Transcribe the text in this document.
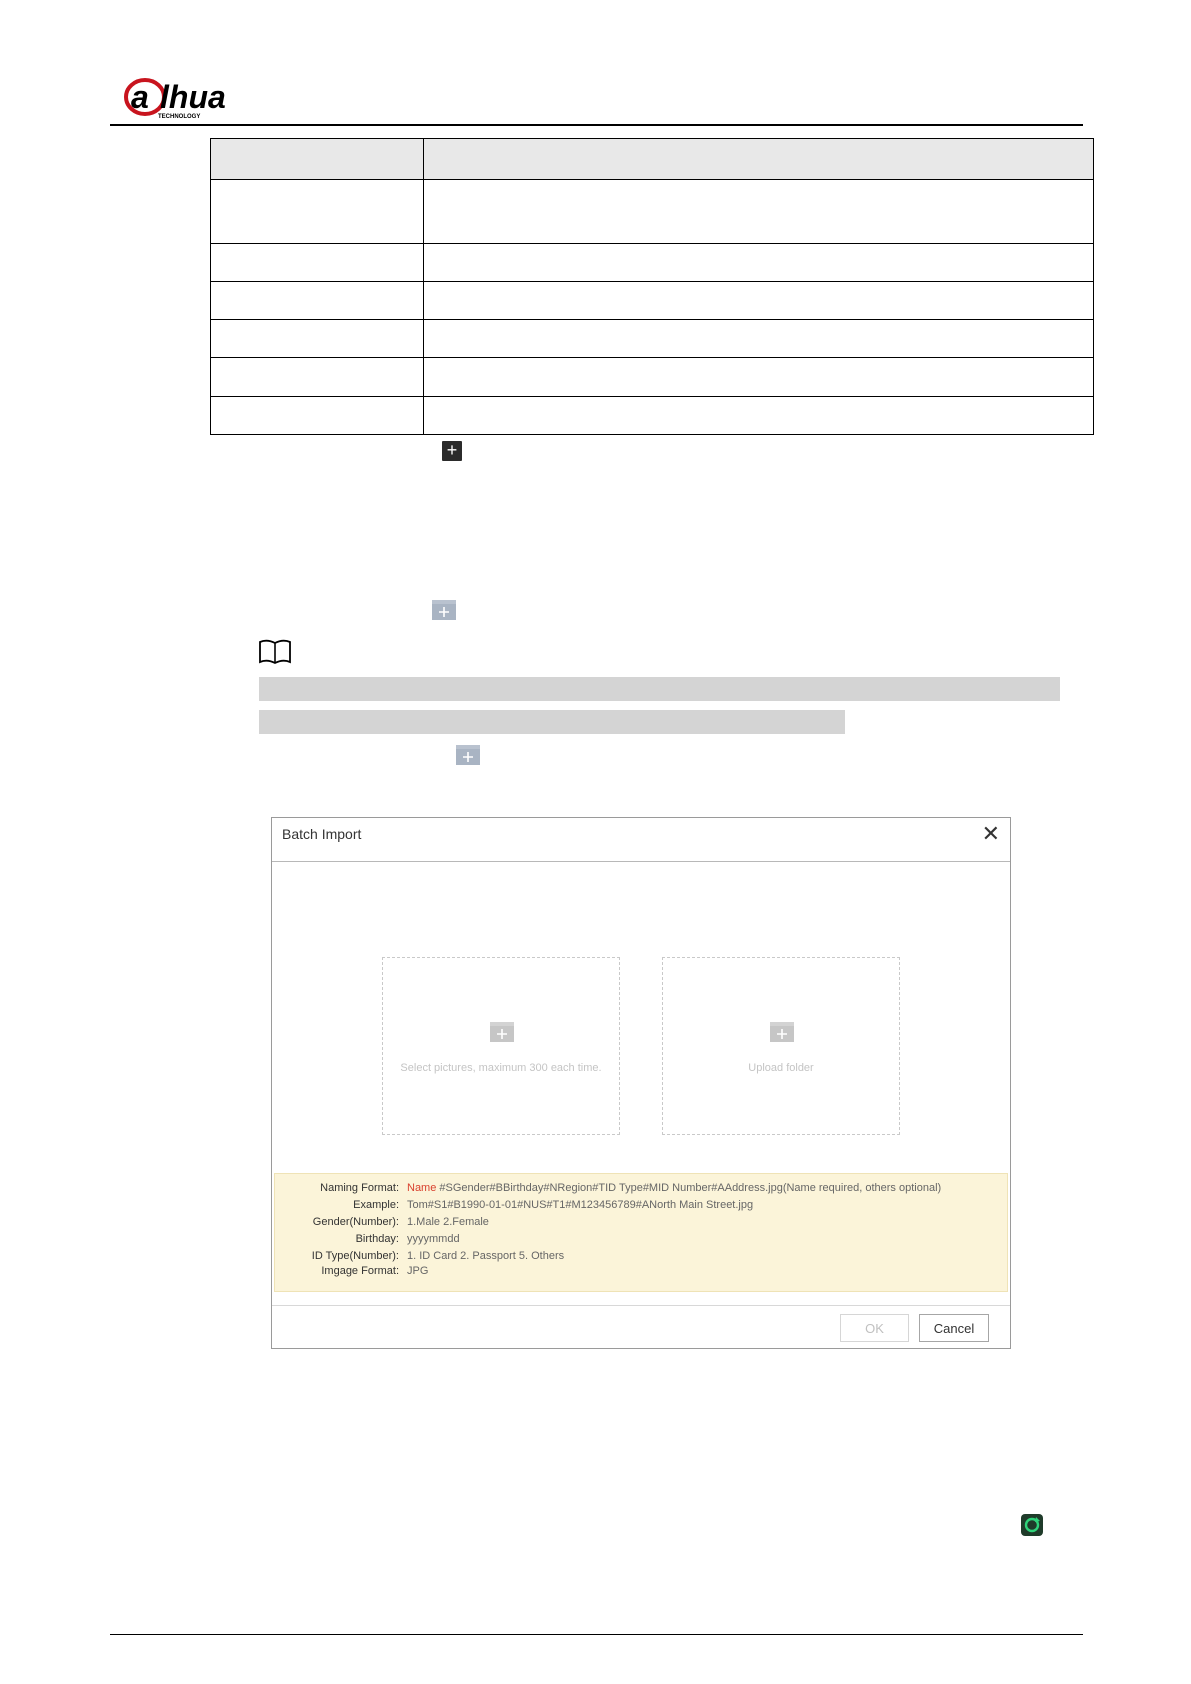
a lhua
TECHNOLOGY

+
Batch Import	✕
Select pictures, maximum 300 each time.	Upload folder
Naming Format: Name #SGender#BBirthday#NRegion#TID Type#MID Number#AAddress.jpg(Name required, others optional)
Example: Tom#S1#B1990-01-01#NUS#T1#M123456789#ANorth Main Street.jpg
Gender(Number): 1.Male 2.Female
Birthday: yyyymmdd
ID Type(Number): 1. ID Card 2. Passport 5. Others
Imgage Format: JPG
OK	Cancel
